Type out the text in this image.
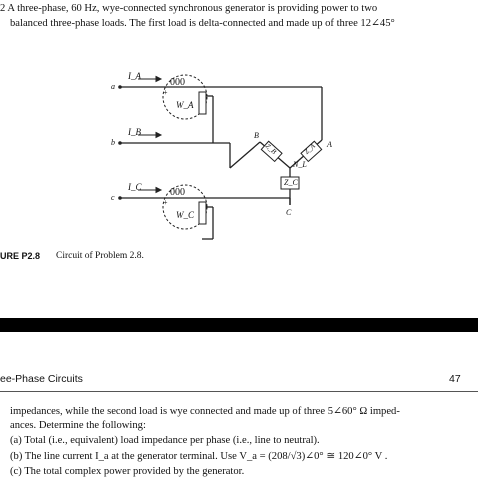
2 A three-phase, 60 Hz, wye-connected synchronous generator is providing power to two
balanced three-phase loads. The first load is delta-connected and made up of three 12∠45°
I_A
I_B
I_C
a
b
c
000
000
+
+
W_A
W_C
Z_B	Z_A
Z_C
N_L
A
B
C
URE P2.8 Circuit of Problem 2.8.
ee-Phase Circuits	47
impedances, while the second load is wye connected and made up of three 5∠60° Ω imped-
ances. Determine the following:
(a) Total (i.e., equivalent) load impedance per phase (i.e., line to neutral).
(b) The line current I_a at the generator terminal. Use V_a = (208/√3)∠0° ≅ 120∠0° V .
(c) The total complex power provided by the generator.
